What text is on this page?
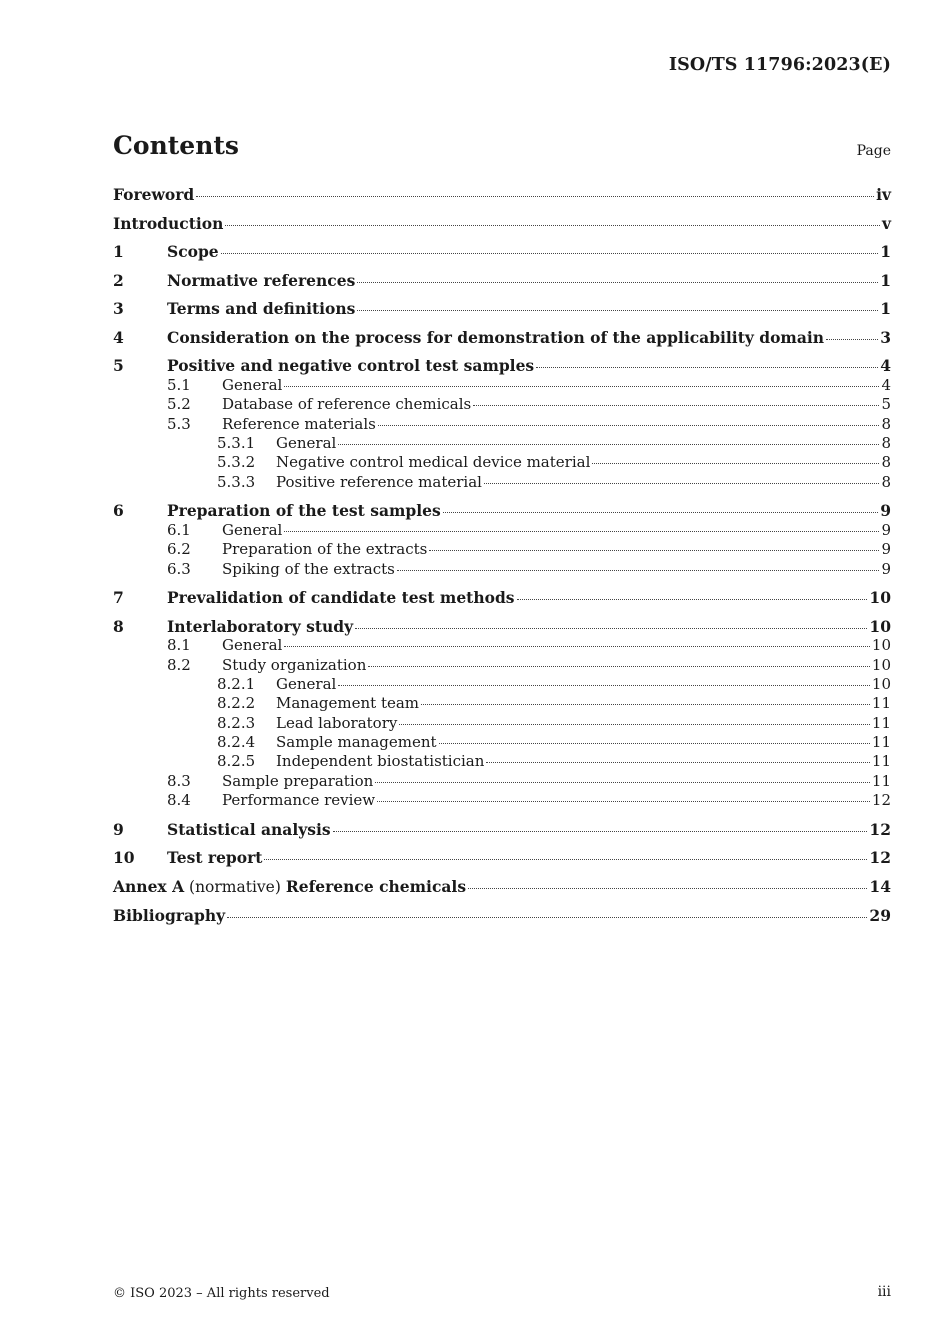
ISO/TS 11796:2023(E)
Contents	Page
Foreword	iv
Introduction	v
1	Scope	1
2	Normative references	1
3	Terms and definitions	1
4	Consideration on the process for demonstration of the applicability domain	3
5	Positive and negative control test samples	4
5.1	General	4
5.2	Database of reference chemicals	5
5.3	Reference materials	8
5.3.1	General	8
5.3.2	Negative control medical device material	8
5.3.3	Positive reference material	8
6	Preparation of the test samples	9
6.1	General	9
6.2	Preparation of the extracts	9
6.3	Spiking of the extracts	9
7	Prevalidation of candidate test methods	10
8	Interlaboratory study	10
8.1	General	10
8.2	Study organization	10
8.2.1	General	10
8.2.2	Management team	11
8.2.3	Lead laboratory	11
8.2.4	Sample management	11
8.2.5	Independent biostatistician	11
8.3	Sample preparation	11
8.4	Performance review	12
9	Statistical analysis	12
10	Test report	12
Annex A (normative) Reference chemicals	14
Bibliography	29
© ISO 2023 – All rights reserved	iii
